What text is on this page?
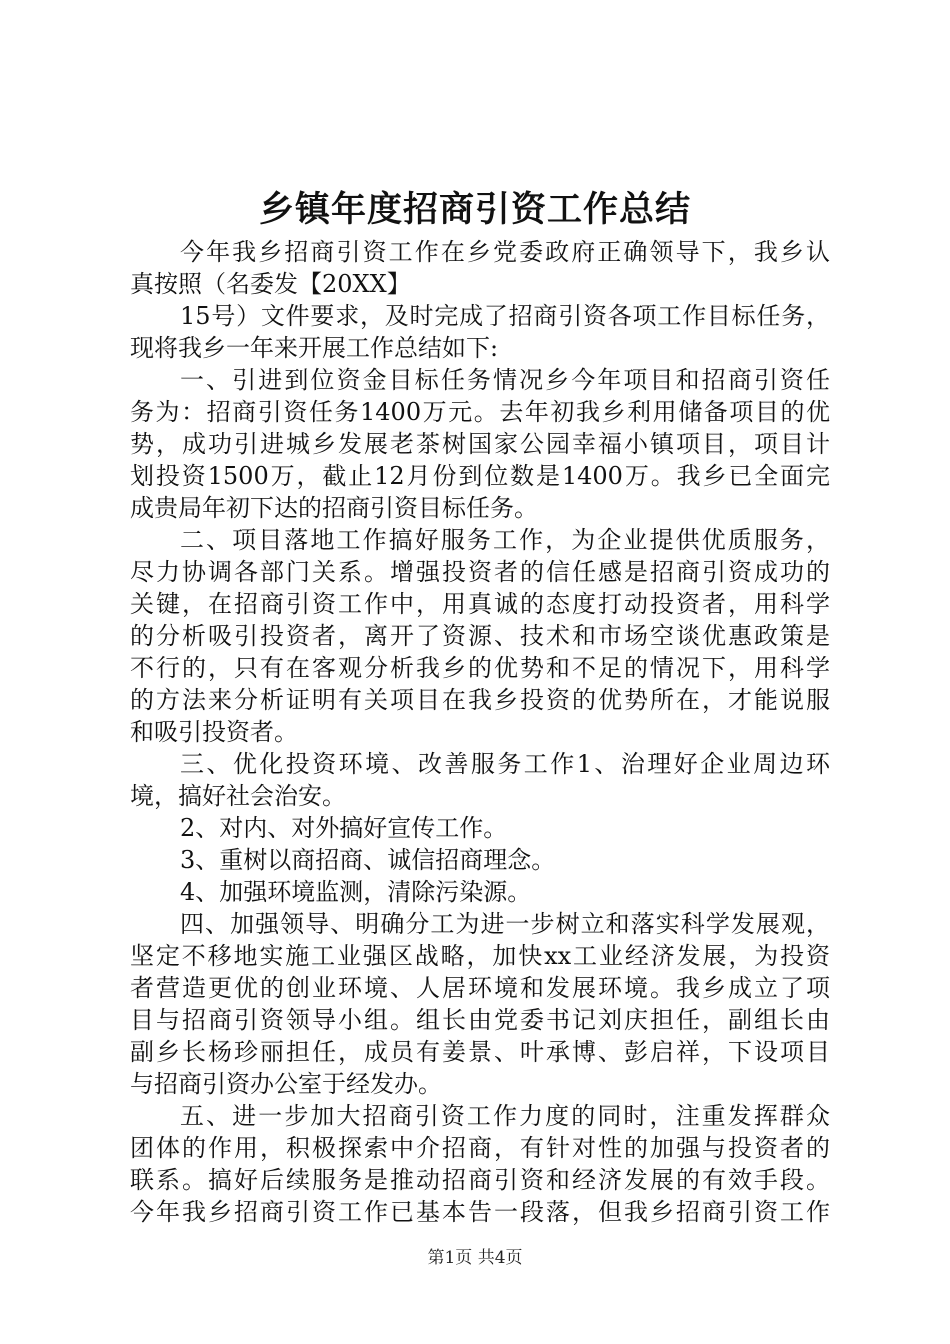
乡镇年度招商引资工作总结
今年我乡招商引资工作在乡党委政府正确领导下，我乡认
真按照（名委发【20XX】
15号）文件要求，及时完成了招商引资各项工作目标任务，
现将我乡一年来开展工作总结如下:
一、引进到位资金目标任务情况乡今年项目和招商引资任
务为：招商引资任务1400万元。去年初我乡利用储备项目的优
势，成功引进城乡发展老茶树国家公园幸福小镇项目，项目计
划投资1500万，截止12月份到位数是1400万。我乡已全面完
成贵局年初下达的招商引资目标任务。
二、项目落地工作搞好服务工作，为企业提供优质服务，
尽力协调各部门关系。增强投资者的信任感是招商引资成功的
关键，在招商引资工作中，用真诚的态度打动投资者，用科学
的分析吸引投资者，离开了资源、技术和市场空谈优惠政策是
不行的，只有在客观分析我乡的优势和不足的情况下，用科学
的方法来分析证明有关项目在我乡投资的优势所在，才能说服
和吸引投资者。
三、优化投资环境、改善服务工作1、治理好企业周边环
境，搞好社会治安。
2、对内、对外搞好宣传工作。
3、重树以商招商、诚信招商理念。
4、加强环境监测，清除污染源。
四、加强领导、明确分工为进一步树立和落实科学发展观，
坚定不移地实施工业强区战略，加快xx工业经济发展，为投资
者营造更优的创业环境、人居环境和发展环境。我乡成立了项
目与招商引资领导小组。组长由党委书记刘庆担任，副组长由
副乡长杨珍丽担任，成员有姜景、叶承博、彭启祥，下设项目
与招商引资办公室于经发办。
五、进一步加大招商引资工作力度的同时，注重发挥群众
团体的作用，积极探索中介招商，有针对性的加强与投资者的
联系。搞好后续服务是推动招商引资和经济发展的有效手段。
今年我乡招商引资工作已基本告一段落，但我乡招商引资工作
第1页 共4页
